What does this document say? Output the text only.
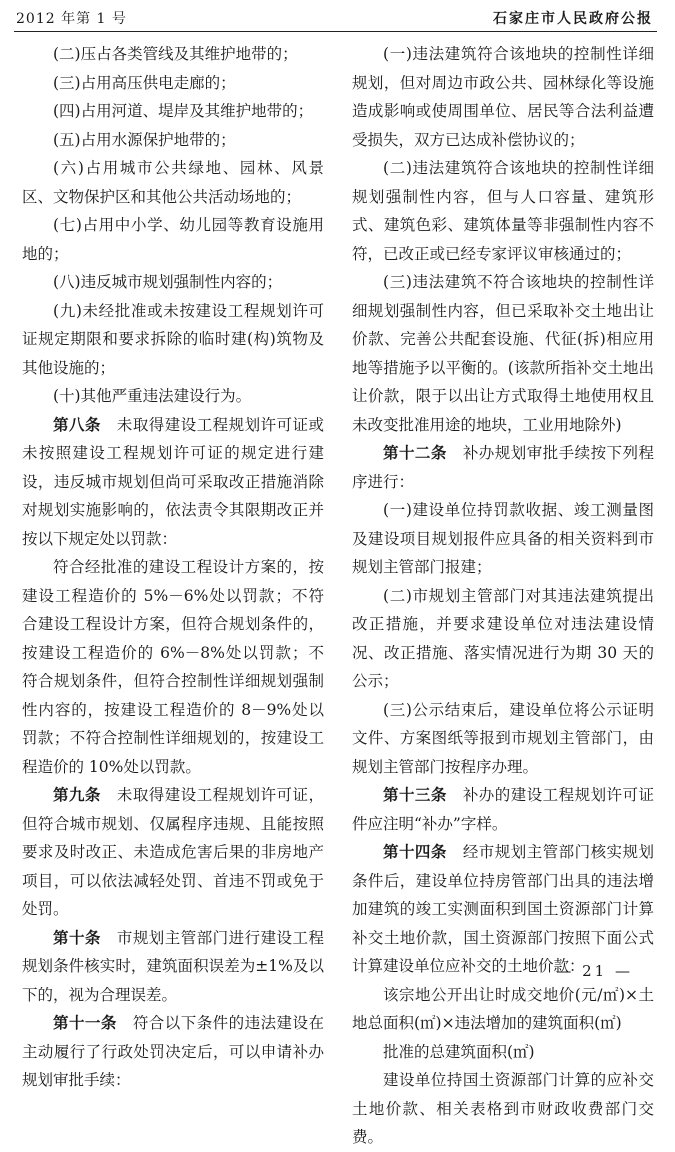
2012 年第 1 号	石家庄市人民政府公报

(二)压占各类管线及其维护地带的；

(三)占用高压供电走廊的；

(四)占用河道、堤岸及其维护地带的；

(五)占用水源保护地带的；

(六)占用城市公共绿地、园林、风景区、文物保护区和其他公共活动场地的；

(七)占用中小学、幼儿园等教育设施用地的；

(八)违反城市规划强制性内容的；

(九)未经批准或未按建设工程规划许可证规定期限和要求拆除的临时建(构)筑物及其他设施的；

(十)其他严重违法建设行为。

第八条　未取得建设工程规划许可证或未按照建设工程规划许可证的规定进行建设，违反城市规划但尚可采取改正措施消除对规划实施影响的，依法责令其限期改正并按以下规定处以罚款：

符合经批准的建设工程设计方案的，按建设工程造价的 5%－6%处以罚款；不符合建设工程设计方案，但符合规划条件的，按建设工程造价的 6%－8%处以罚款；不符合规划条件，但符合控制性详细规划强制性内容的，按建设工程造价的 8－9%处以罚款；不符合控制性详细规划的，按建设工程造价的 10%处以罚款。

第九条　未取得建设工程规划许可证，但符合城市规划、仅属程序违规、且能按照要求及时改正、未造成危害后果的非房地产项目，可以依法减轻处罚、首违不罚或免于处罚。

第十条　市规划主管部门进行建设工程规划条件核实时，建筑面积误差为±1%及以下的，视为合理误差。

第十一条　符合以下条件的违法建设在主动履行了行政处罚决定后，可以申请补办规划审批手续：

(一)违法建筑符合该地块的控制性详细规划，但对周边市政公共、园林绿化等设施造成影响或使周围单位、居民等合法利益遭受损失，双方已达成补偿协议的；

(二)违法建筑符合该地块的控制性详细规划强制性内容，但与人口容量、建筑形式、建筑色彩、建筑体量等非强制性内容不符，已改正或已经专家评议审核通过的；

(三)违法建筑不符合该地块的控制性详细规划强制性内容，但已采取补交土地出让价款、完善公共配套设施、代征(拆)相应用地等措施予以平衡的。(该款所指补交土地出让价款，限于以出让方式取得土地使用权且未改变批准用途的地块，工业用地除外)

第十二条　补办规划审批手续按下列程序进行：

(一)建设单位持罚款收据、竣工测量图及建设项目规划报件应具备的相关资料到市规划主管部门报建；

(二)市规划主管部门对其违法建筑提出改正措施，并要求建设单位对违法建设情况、改正措施、落实情况进行为期 30 天的公示；

(三)公示结束后，建设单位将公示证明文件、方案图纸等报到市规划主管部门，由规划主管部门按程序办理。

第十三条　补办的建设工程规划许可证件应注明“补办”字样。

第十四条　经市规划主管部门核实规划条件后，建设单位持房管部门出具的违法增加建筑的竣工实测面积到国土资源部门计算补交土地价款，国土资源部门按照下面公式计算建设单位应补交的土地价款：

该宗地公开出让时成交地价(元/㎡)×土地总面积(㎡)×违法增加的建筑面积(㎡)

批准的总建筑面积(㎡)

建设单位持国土资源部门计算的应补交土地价款、相关表格到市财政收费部门交费。

— 21 —
